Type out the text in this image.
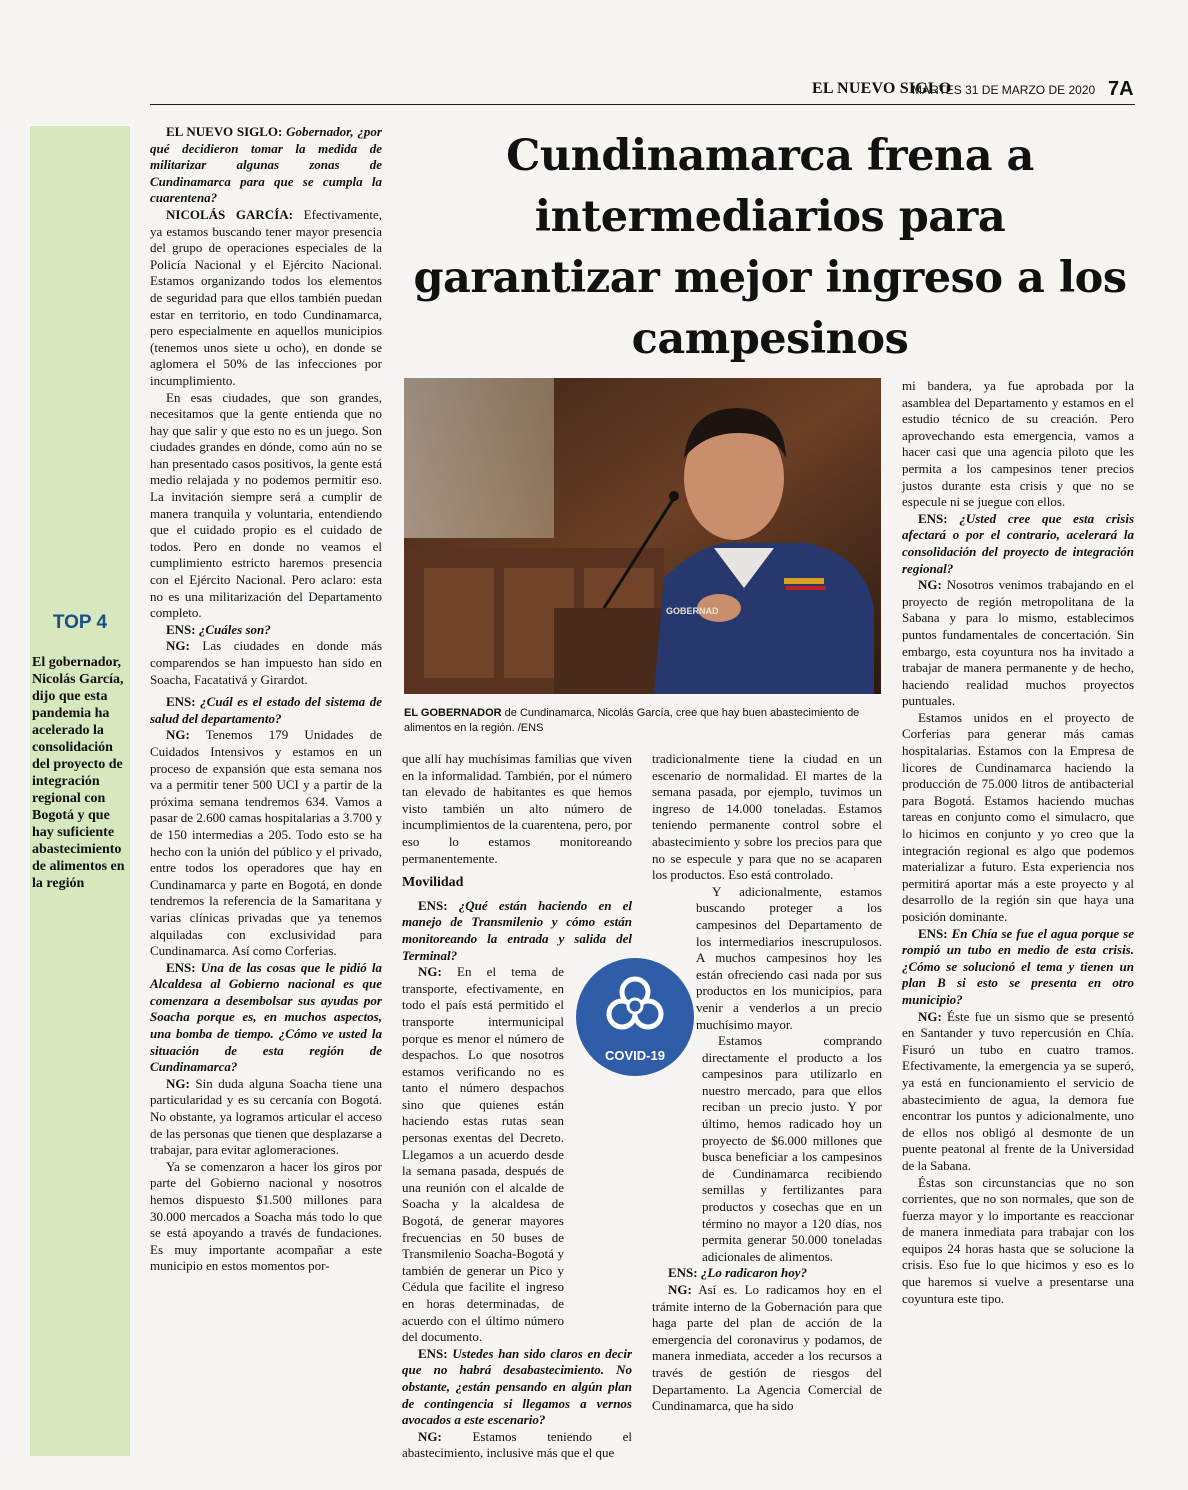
EL NUEVO SIGLO
MARTES 31 DE MARZO DE 2020 7A
TOP 4
El gobernador, Nicolás García, dijo que esta pandemia ha acelerado la consolidación del proyecto de integración regional con Bogotá y que hay suficiente abastecimiento de alimentos en la región
Cundinamarca frena a intermediarios para garantizar mejor ingreso a los campesinos

EL NUEVO SIGLO: Gobernador, ¿por qué decidieron tomar la medida de militarizar algunas zonas de Cundinamarca para que se cumpla la cuarentena?

NICOLÁS GARCÍA: Efectivamente, ya estamos buscando tener mayor presencia del grupo de operaciones especiales de la Policía Nacional y el Ejército Nacional. Estamos organizando todos los elementos de seguridad para que ellos también puedan estar en territorio, en todo Cundinamarca, pero especialmente en aquellos municipios (tenemos unos siete u ocho), en donde se aglomera el 50% de las infecciones por incumplimiento.

En esas ciudades, que son grandes, necesitamos que la gente entienda que no hay que salir y que esto no es un juego. Son ciudades grandes en dónde, como aún no se han presentado casos positivos, la gente está medio relajada y no podemos permitir eso. La invitación siempre será a cumplir de manera tranquila y voluntaria, entendiendo que el cuidado propio es el cuidado de todos. Pero en donde no veamos el cumplimiento estricto haremos presencia con el Ejército Nacional. Pero aclaro: esta no es una militarización del Departamento completo.

ENS: ¿Cuáles son?

NG: Las ciudades en donde más comparendos se han impuesto han sido en Soacha, Facatativá y Girardot.

ENS: ¿Cuál es el estado del sistema de salud del departamento?

NG: Tenemos 179 Unidades de Cuidados Intensivos y estamos en un proceso de expansión que esta semana nos va a permitir tener 500 UCI y a partir de la próxima semana tendremos 634. Vamos a pasar de 2.600 camas hospitalarias a 3.700 y de 150 intermedias a 205. Todo esto se ha hecho con la unión del público y el privado, entre todos los operadores que hay en Cundinamarca y parte en Bogotá, en donde tendremos la referencia de la Samaritana y varias clínicas privadas que ya tenemos alquiladas con exclusividad para Cundinamarca. Así como Corferias.

ENS: Una de las cosas que le pidió la Alcaldesa al Gobierno nacional es que comenzara a desembolsar sus ayudas por Soacha porque es, en muchos aspectos, una bomba de tiempo. ¿Cómo ve usted la situación de esta región de Cundinamarca?

NG: Sin duda alguna Soacha tiene una particularidad y es su cercanía con Bogotá. No obstante, ya logramos articular el acceso de las personas que tienen que desplazarse a trabajar, para evitar aglomeraciones.

Ya se comenzaron a hacer los giros por parte del Gobierno nacional y nosotros hemos dispuesto $1.500 millones para 30.000 mercados a Soacha más todo lo que se está apoyando a través de fundaciones. Es muy importante acompañar a este municipio en estos momentos por-

GOBERNAD
EL GOBERNADOR de Cundinamarca, Nicolás García, cree que hay buen abastecimiento de alimentos en la región. /ENS

que allí hay muchísimas familias que viven en la informalidad. También, por el número tan elevado de habitantes es que hemos visto también un alto número de incumplimientos de la cuarentena, pero, por eso lo estamos monitoreando permanentemente.

Movilidad

ENS: ¿Qué están haciendo en el manejo de Transmilenio y cómo están monitoreando la entrada y salida del Terminal?

NG: En el tema de transporte, efectivamente, en todo el país está permitido el transporte intermunicipal porque es menor el número de despachos. Lo que nosotros estamos verificando no es tanto el número despachos sino que quienes están haciendo estas rutas sean personas exentas del Decreto. Llegamos a un acuerdo desde la semana pasada, después de una reunión con el alcalde de Soacha y la alcaldesa de Bogotá, de generar mayores frecuencias en 50 buses de Transmilenio Soacha-Bogotá y también de generar un Pico y Cédula que facilite el ingreso en horas determinadas, de acuerdo con el último número del documento.

ENS: Ustedes han sido claros en decir que no habrá desabastecimiento. No obstante, ¿están pensando en algún plan de contingencia si llegamos a vernos avocados a este escenario?

NG: Estamos teniendo el abastecimiento, inclusive más que el que

tradicionalmente tiene la ciudad en un escenario de normalidad. El martes de la semana pasada, por ejemplo, tuvimos un ingreso de 14.000 toneladas. Estamos teniendo permanente control sobre el abastecimiento y sobre los precios para que no se especule y para que no se acaparen los productos. Eso está controlado.

Y adicionalmente, estamos buscando proteger a los campesinos del Departamento de los intermediarios inescrupulosos. A muchos campesinos hoy les están ofreciendo casi nada por sus productos en los municipios, para venir a venderlos a un precio muchísimo mayor.

Estamos comprando directamente el producto a los campesinos para utilizarlo en nuestro mercado, para que ellos reciban un precio justo. Y por último, hemos radicado hoy un proyecto de $6.000 millones que busca beneficiar a los campesinos de Cundinamarca recibiendo semillas y fertilizantes para productos y cosechas que en un término no mayor a 120 días, nos permita generar 50.000 toneladas adicionales de alimentos.

ENS: ¿Lo radicaron hoy?

NG: Así es. Lo radicamos hoy en el trámite interno de la Gobernación para que haga parte del plan de acción de la emergencia del coronavirus y podamos, de manera inmediata, acceder a los recursos a través de gestión de riesgos del Departamento. La Agencia Comercial de Cundinamarca, que ha sido

mi bandera, ya fue aprobada por la asamblea del Departamento y estamos en el estudio técnico de su creación. Pero aprovechando esta emergencia, vamos a hacer casi que una agencia piloto que les permita a los campesinos tener precios justos durante esta crisis y que no se especule ni se juegue con ellos.

ENS: ¿Usted cree que esta crisis afectará o por el contrario, acelerará la consolidación del proyecto de integración regional?

NG: Nosotros venimos trabajando en el proyecto de región metropolitana de la Sabana y para lo mismo, establecimos puntos fundamentales de concertación. Sin embargo, esta coyuntura nos ha invitado a trabajar de manera permanente y de hecho, haciendo realidad muchos proyectos puntuales.

Estamos unidos en el proyecto de Corferias para generar más camas hospitalarias. Estamos con la Empresa de licores de Cundinamarca haciendo la producción de 75.000 litros de antibacterial para Bogotá. Estamos haciendo muchas tareas en conjunto como el simulacro, que lo hicimos en conjunto y yo creo que la integración regional es algo que podemos materializar a futuro. Esta experiencia nos permitirá aportar más a este proyecto y al desarrollo de la región sin que haya una posición dominante.

ENS: En Chía se fue el agua porque se rompió un tubo en medio de esta crisis. ¿Cómo se solucionó el tema y tienen un plan B si esto se presenta en otro municipio?

NG: Éste fue un sismo que se presentó en Santander y tuvo repercusión en Chía. Fisuró un tubo en cuatro tramos. Efectivamente, la emergencia ya se superó, ya está en funcionamiento el servicio de abastecimiento de agua, la demora fue encontrar los puntos y adicionalmente, uno de ellos nos obligó al desmonte de un puente peatonal al frente de la Universidad de la Sabana.

Éstas son circunstancias que no son corrientes, que no son normales, que son de fuerza mayor y lo importante es reaccionar de manera inmediata para trabajar con los equipos 24 horas hasta que se solucione la crisis. Eso fue lo que hicimos y eso es lo que haremos si vuelve a presentarse una coyuntura este tipo.

COVID-19
